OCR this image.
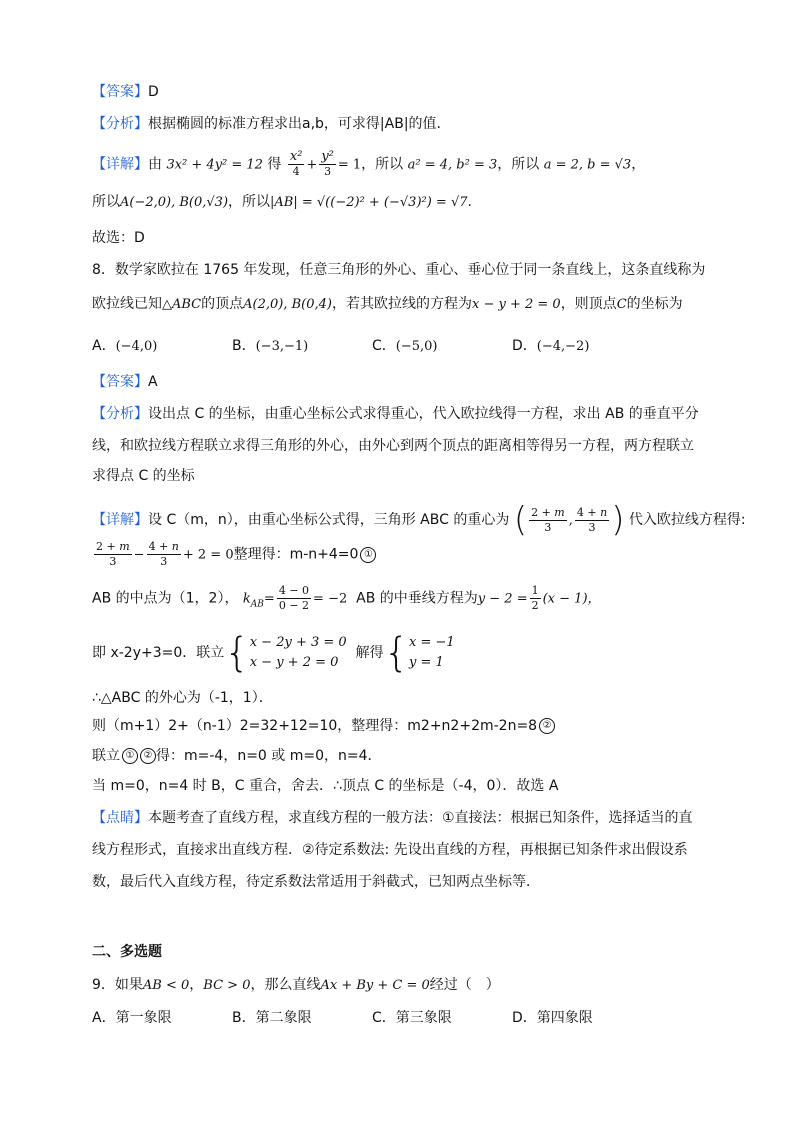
【答案】D
【分析】根据椭圆的标准方程求出a,b，可求得|AB|的值.
【详解】由 3x² + 4y² = 12 得 $\frac{\text{x²}}{4} + \frac{\text{y²}}{3} = 1$，所以 a² = 4, b² = 3，所以 a = 2, b = √3，
所以A(−2,0), B(0,√3)，所以|AB| = √((−2)² + (−√3)²) = √7.
故选：D
8．数学家欧拉在 1765 年发现，任意三角形的外心、重心、垂心位于同一条直线上，这条直线称为
欧拉线已知△ABC的顶点A(2,0), B(0,4)，若其欧拉线的方程为x − y + 2 = 0，则顶点C的坐标为
A．(−4,0)	B．(−3,−1)	C．(−5,0)	D．(−4,−2)
【答案】A
【分析】设出点 C 的坐标，由重心坐标公式求得重心，代入欧拉线得一方程，求出 AB 的垂直平分
线，和欧拉线方程联立求得三角形的外心，由外心到两个顶点的距离相等得另一方程，两方程联立
求得点 C 的坐标
【详解】设 C（m，n），由重心坐标公式得，三角形 ABC 的重心为 ( $\frac{2 + m}{3}$ , $\frac{4 + n}{3}$ ) 代入欧拉线方程得:
$\frac{2 + m}{3} - \frac{4 + n}{3} + 2 = 0$整理得：m-n+4=0 ①
AB 的中点为（1，2）， $k_{AB}= \frac{4 - 0}{0 - 2} = -2$ AB 的中垂线方程为$y - 2 = \frac{1}{2} (x - 1)$，
即 x-2y+3=0．联立{ x − 2y + 3 = 0
x − y + 2 = 0
解得{ x = −1
y = 1
∴△ABC 的外心为（-1，1）．
则（m+1）2+（n-1）2=32+12=10，整理得：m2+n2+2m-2n=8 ②
联立 ① ② 得：m=-4，n=0 或 m=0，n=4．
当 m=0，n=4 时 B，C 重合，舍去．∴顶点 C 的坐标是（-4，0）．故选 A
【点睛】本题考查了直线方程，求直线方程的一般方法：①直接法：根据已知条件，选择适当的直
线方程形式，直接求出直线方程．②待定系数法: 先设出直线的方程，再根据已知条件求出假设系
数，最后代入直线方程，待定系数法常适用于斜截式，已知两点坐标等．
二、多选题
9．如果AB < 0，BC > 0，那么直线Ax + By + C = 0经过（　）
A．第一象限	B．第二象限	C．第三象限	D．第四象限
